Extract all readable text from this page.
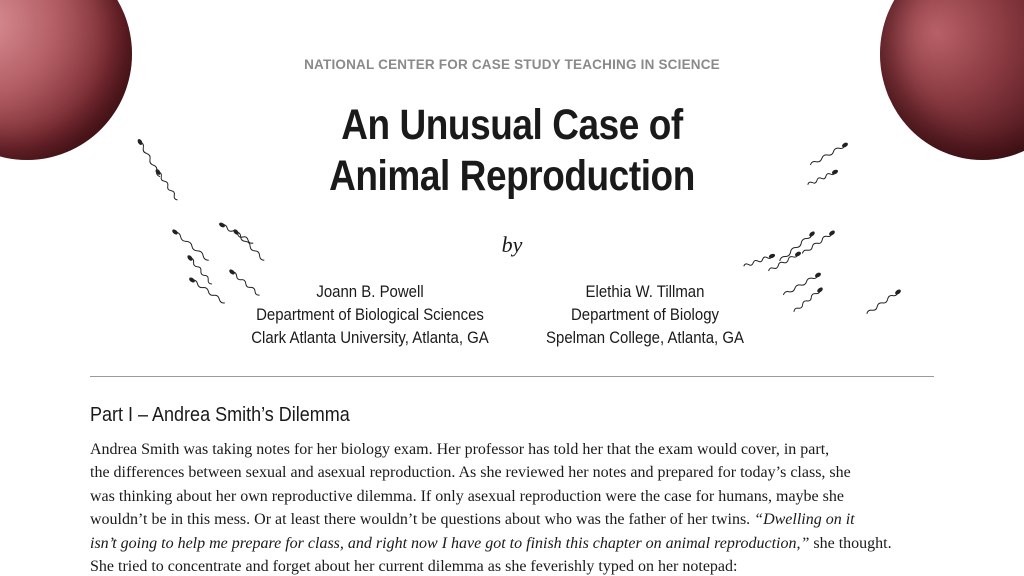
NATIONAL CENTER FOR CASE STUDY TEACHING IN SCIENCE
An Unusual Case of
Animal Reproduction
by
Joann B. Powell
Department of Biological Sciences
Clark Atlanta University, Atlanta, GA
Elethia W. Tillman
Department of Biology
Spelman College, Atlanta, GA
Part I – Andrea Smith’s Dilemma
Andrea Smith was taking notes for her biology exam. Her professor has told her that the exam would cover, in part,
the differences between sexual and asexual reproduction. As she reviewed her notes and prepared for today’s class, she
was thinking about her own reproductive dilemma. If only asexual reproduction were the case for humans, maybe she
wouldn’t be in this mess. Or at least there wouldn’t be questions about who was the father of her twins. “Dwelling on it
isn’t going to help me prepare for class, and right now I have got to finish this chapter on animal reproduction,” she thought.
She tried to concentrate and forget about her current dilemma as she feverishly typed on her notepad:
